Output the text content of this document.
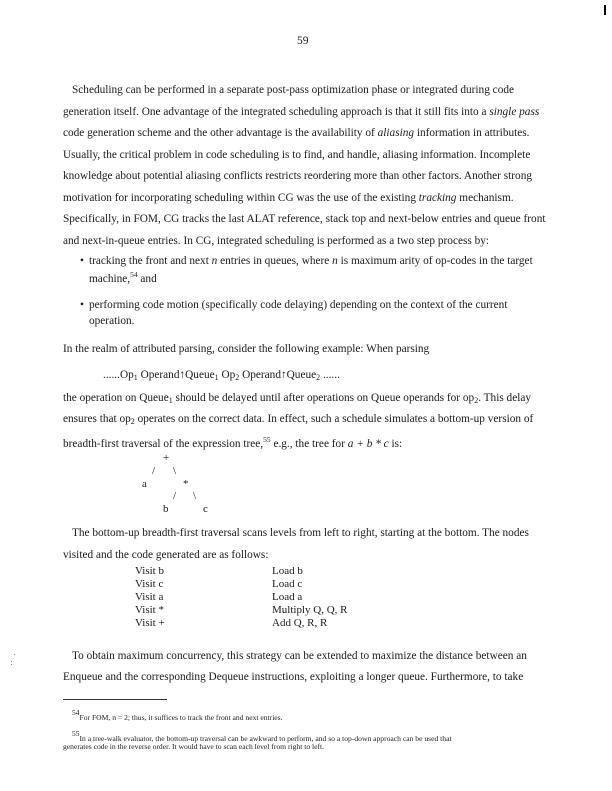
59
Scheduling can be performed in a separate post-pass optimization phase or integrated during code
generation itself. One advantage of the integrated scheduling approach is that it still fits into a single pass
code generation scheme and the other advantage is the availability of aliasing information in attributes.
Usually, the critical problem in code scheduling is to find, and handle, aliasing information. Incomplete
knowledge about potential aliasing conflicts restricts reordering more than other factors. Another strong
motivation for incorporating scheduling within CG was the use of the existing tracking mechanism.
Specifically, in FOM, CG tracks the last ALAT reference, stack top and next-below entries and queue front
and next-in-queue entries. In CG, integrated scheduling is performed as a two step process by:
• tracking the front and next n entries in queues, where n is maximum arity of op-codes in the target
machine,$^{54}$ and
• performing code motion (specifically code delaying) depending on the context of the current
operation.
In the realm of attributed parsing, consider the following example: When parsing
$......Op_1$ Operand↑Queue$_1$ $Op_2$ Operand↑Queue$_2$ ......
the operation on Queue$_1$ should be delayed until after operations on Queue operands for $op_2$. This delay
ensures that $op_2$ operates on the correct data. In effect, such a schedule simulates a bottom-up version of
breadth-first traversal of the expression tree,$^{55}$ e.g., the tree for a + b * c is:
+
/ \
a	*
/ \
b	c
The bottom-up breadth-first traversal scans levels from left to right, starting at the bottom. The nodes
visited and the code generated are as follows:
Visit b	Load b
Visit c	Load c
Visit a	Load a
Visit *	Multiply Q, Q, R
Visit +	Add Q, R, R
To obtain maximum concurrency, this strategy can be extended to maximize the distance between an
Enqueue and the corresponding Dequeue instructions, exploiting a longer queue. Furthermore, to take
$^{54}$For FOM, n = 2; thus, it suffices to track the front and next entries.
$^{55}$In a tree-walk evaluator, the bottom-up traversal can be awkward to perform, and so a top-down approach can be used that
generates code in the reverse order. It would have to scan each level from right to left.
